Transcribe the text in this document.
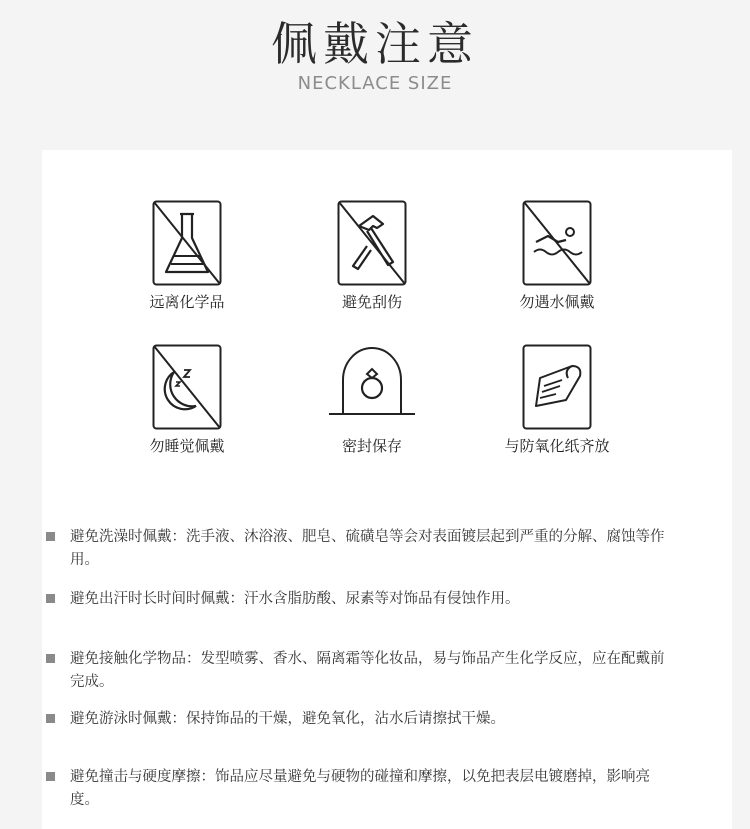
佩戴注意
NECKLACE SIZE
远离化学品	避免刮伤	勿遇水佩戴
勿睡觉佩戴	密封保存	与防氧化纸齐放
避免洗澡时佩戴：洗手液、沐浴液、肥皂、硫磺皂等会对表面镀层起到严重的分解、腐蚀等作用。
避免出汗时长时间时佩戴：汗水含脂肪酸、尿素等对饰品有侵蚀作用。
避免接触化学物品：发型喷雾、香水、隔离霜等化妆品，易与饰品产生化学反应，应在配戴前完成。
避免游泳时佩戴：保持饰品的干燥，避免氧化，沾水后请擦拭干燥。
避免撞击与硬度摩擦：饰品应尽量避免与硬物的碰撞和摩擦，以免把表层电镀磨掉，影响亮度。
